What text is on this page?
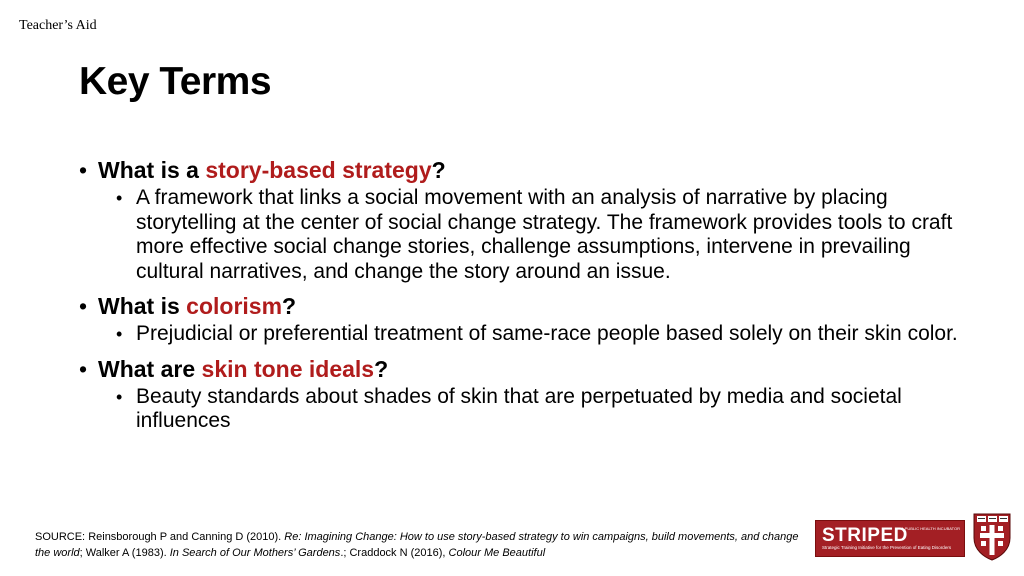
Teacher’s Aid
Key Terms
• What is a story-based strategy?
• A framework that links a social movement with an analysis of narrative by placing storytelling at the center of social change strategy. The framework provides tools to craft more effective social change stories, challenge assumptions, intervene in prevailing cultural narratives, and change the story around an issue.
• What is colorism?
• Prejudicial or preferential treatment of same-race people based solely on their skin color.
• What are skin tone ideals?
• Beauty standards about shades of skin that are perpetuated by media and societal influences
SOURCE: Reinsborough P and Canning D (2010). Re: Imagining Change: How to use story-based strategy to win campaigns, build movements, and change the world; Walker A (1983). In Search of Our Mothers’ Gardens.; Craddock N (2016), Colour Me Beautiful
STRIPED
Strategic Training Initiative for the Prevention of Eating Disorders
A PUBLIC HEALTH INCUBATOR
